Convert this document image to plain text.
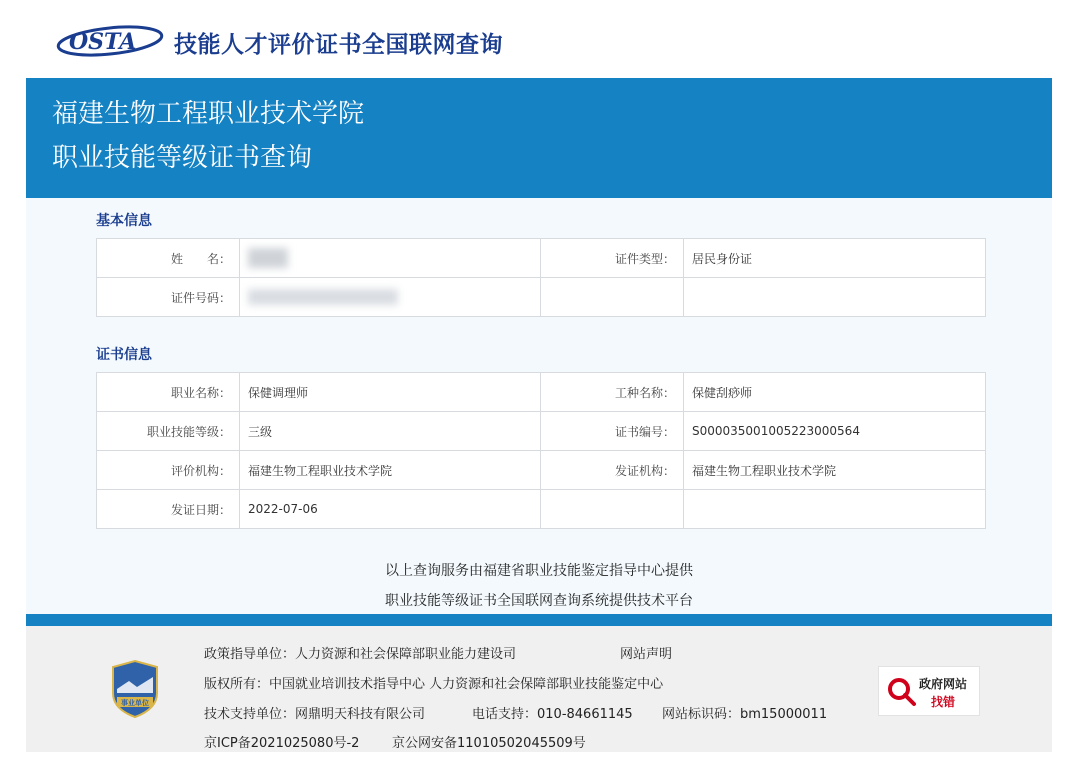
OSTA 技能人才评价证书全国联网查询
福建生物工程职业技术学院
职业技能等级证书查询
基本信息
姓　　名：		证件类型：	居民身份证
证件号码：			
证书信息
职业名称：	保健调理师	工种名称：	保健刮痧师
职业技能等级：	三级	证书编号：	S000035001005223000564
评价机构：	福建生物工程职业技术学院	发证机构：	福建生物工程职业技术学院
发证日期：	2022-07-06		
以上查询服务由福建省职业技能鉴定指导中心提供
职业技能等级证书全国联网查询系统提供技术平台
事业单位
政策指导单位：人力资源和社会保障部职业能力建设司	网站声明
版权所有：中国就业培训技术指导中心 人力资源和社会保障部职业技能鉴定中心
技术支持单位：网鼎明天科技有限公司	电话支持：010-84661145 网站标识码：bm15000011
京ICP备2021025080号-2	京公网安备11010502045509号
政府网站
找错
